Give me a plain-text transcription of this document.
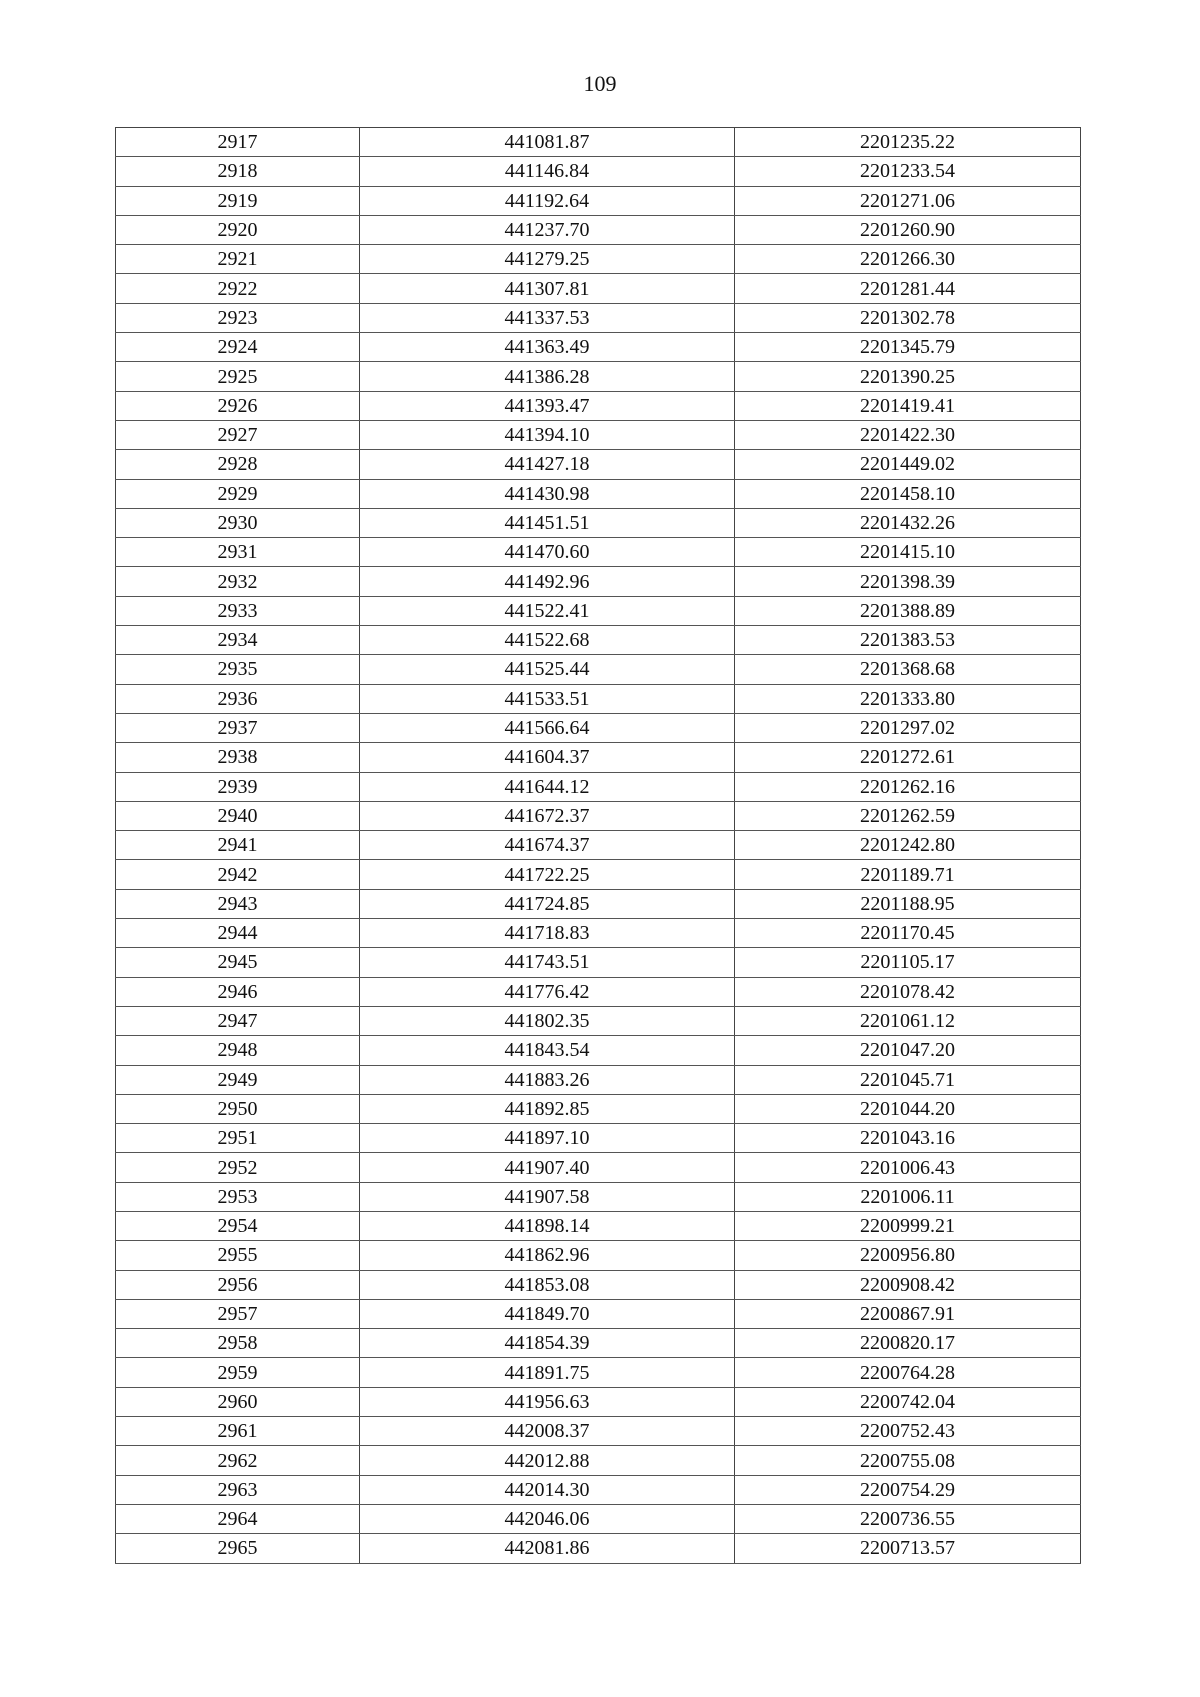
109
2917	441081.87	2201235.22
2918	441146.84	2201233.54
2919	441192.64	2201271.06
2920	441237.70	2201260.90
2921	441279.25	2201266.30
2922	441307.81	2201281.44
2923	441337.53	2201302.78
2924	441363.49	2201345.79
2925	441386.28	2201390.25
2926	441393.47	2201419.41
2927	441394.10	2201422.30
2928	441427.18	2201449.02
2929	441430.98	2201458.10
2930	441451.51	2201432.26
2931	441470.60	2201415.10
2932	441492.96	2201398.39
2933	441522.41	2201388.89
2934	441522.68	2201383.53
2935	441525.44	2201368.68
2936	441533.51	2201333.80
2937	441566.64	2201297.02
2938	441604.37	2201272.61
2939	441644.12	2201262.16
2940	441672.37	2201262.59
2941	441674.37	2201242.80
2942	441722.25	2201189.71
2943	441724.85	2201188.95
2944	441718.83	2201170.45
2945	441743.51	2201105.17
2946	441776.42	2201078.42
2947	441802.35	2201061.12
2948	441843.54	2201047.20
2949	441883.26	2201045.71
2950	441892.85	2201044.20
2951	441897.10	2201043.16
2952	441907.40	2201006.43
2953	441907.58	2201006.11
2954	441898.14	2200999.21
2955	441862.96	2200956.80
2956	441853.08	2200908.42
2957	441849.70	2200867.91
2958	441854.39	2200820.17
2959	441891.75	2200764.28
2960	441956.63	2200742.04
2961	442008.37	2200752.43
2962	442012.88	2200755.08
2963	442014.30	2200754.29
2964	442046.06	2200736.55
2965	442081.86	2200713.57
